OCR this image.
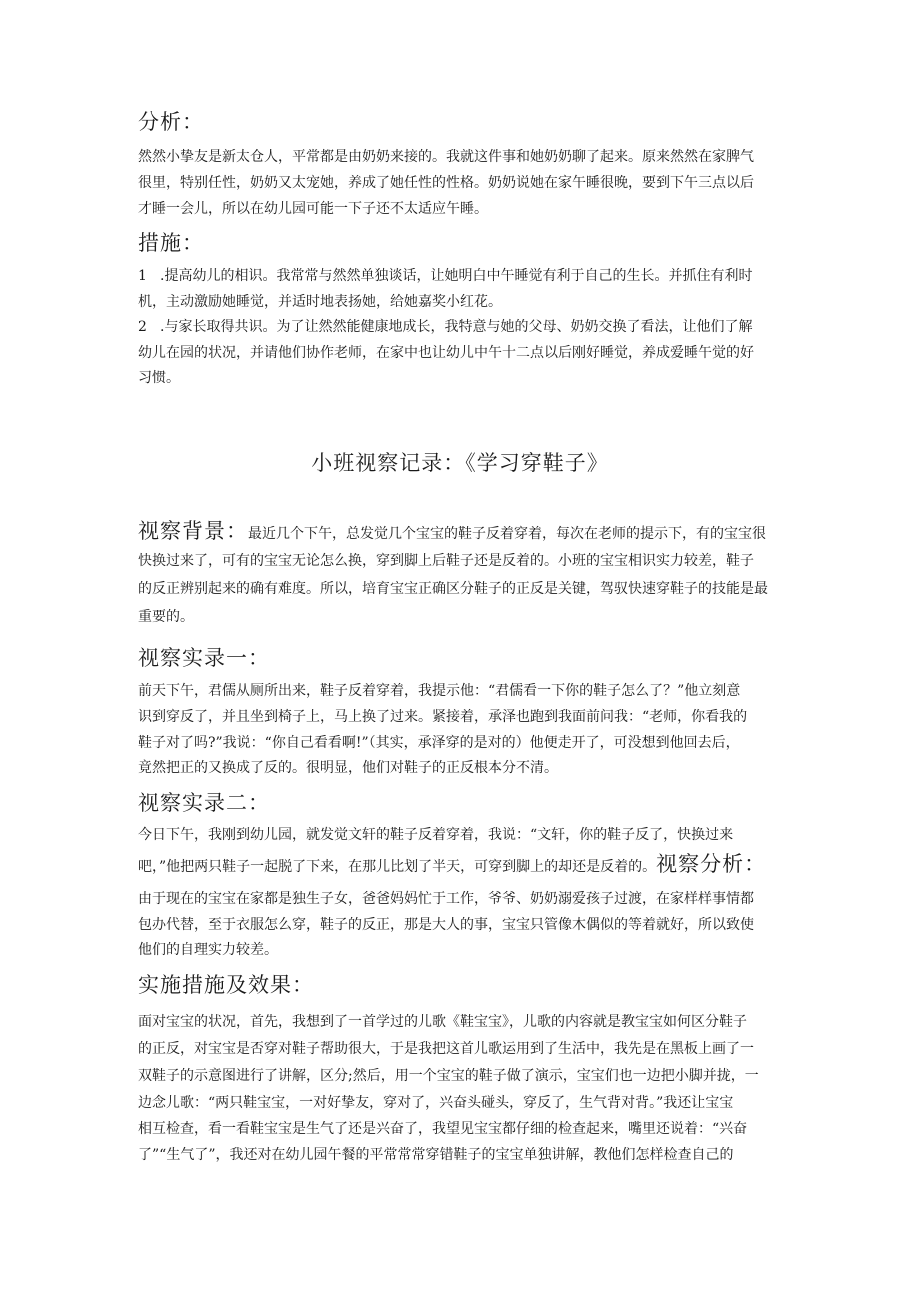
分析：
然然小挚友是新太仓人，平常都是由奶奶来接的。我就这件事和她奶奶聊了起来。原来然然在家脾气
很里，特别任性，奶奶又太宠她，养成了她任性的性格。奶奶说她在家午睡很晚，要到下午三点以后
才睡一会儿，所以在幼儿园可能一下子还不太适应午睡。
措施：
1 .提高幼儿的相识。我常常与然然单独谈话，让她明白中午睡觉有利于自己的生长。并抓住有利时
机，主动激励她睡觉，并适时地表扬她，给她嘉奖小红花。
2 .与家长取得共识。为了让然然能健康地成长，我特意与她的父母、奶奶交换了看法，让他们了解
幼儿在园的状况，并请他们协作老师，在家中也让幼儿中午十二点以后刚好睡觉，养成爱睡午觉的好
习惯。
小班视察记录：《学习穿鞋子》
视察背景：最近几个下午，总发觉几个宝宝的鞋子反着穿着，每次在老师的提示下，有的宝宝很
快换过来了，可有的宝宝无论怎么换，穿到脚上后鞋子还是反着的。小班的宝宝相识实力较差，鞋子
的反正辨别起来的确有难度。所以，培育宝宝正确区分鞋子的正反是关键，驾驭快速穿鞋子的技能是最
重要的。
视察实录一：
前天下午，君儒从厕所出来，鞋子反着穿着，我提示他：“君儒看一下你的鞋子怎么了？”他立刻意
识到穿反了，并且坐到椅子上，马上换了过来。紧接着，承泽也跑到我面前问我：“老师，你看我的
鞋子对了吗?”我说：“你自己看看啊!”（其实，承泽穿的是对的）他便走开了，可没想到他回去后，
竟然把正的又换成了反的。很明显，他们对鞋子的正反根本分不清。
视察实录二：
今日下午，我刚到幼儿园，就发觉文轩的鞋子反着穿着，我说：“文轩，你的鞋子反了，快换过来
吧，”他把两只鞋子一起脱了下来，在那儿比划了半天，可穿到脚上的却还是反着的。视察分析：
由于现在的宝宝在家都是独生子女，爸爸妈妈忙于工作，爷爷、奶奶溺爱孩子过渡，在家样样事情都
包办代替，至于衣服怎么穿，鞋子的反正，那是大人的事，宝宝只管像木偶似的等着就好，所以致使
他们的自理实力较差。
实施措施及效果：
面对宝宝的状况，首先，我想到了一首学过的儿歌《鞋宝宝》，儿歌的内容就是教宝宝如何区分鞋子
的正反，对宝宝是否穿对鞋子帮助很大，于是我把这首儿歌运用到了生活中，我先是在黑板上画了一
双鞋子的示意图进行了讲解，区分;然后，用一个宝宝的鞋子做了演示，宝宝们也一边把小脚并拢，一
边念儿歌：“两只鞋宝宝，一对好挚友，穿对了，兴奋头碰头，穿反了，生气背对背。”我还让宝宝
相互检查，看一看鞋宝宝是生气了还是兴奋了，我望见宝宝都仔细的检查起来，嘴里还说着：“兴奋
了”“生气了”，我还对在幼儿园午餐的平常常常穿错鞋子的宝宝单独讲解，教他们怎样检查自己的
